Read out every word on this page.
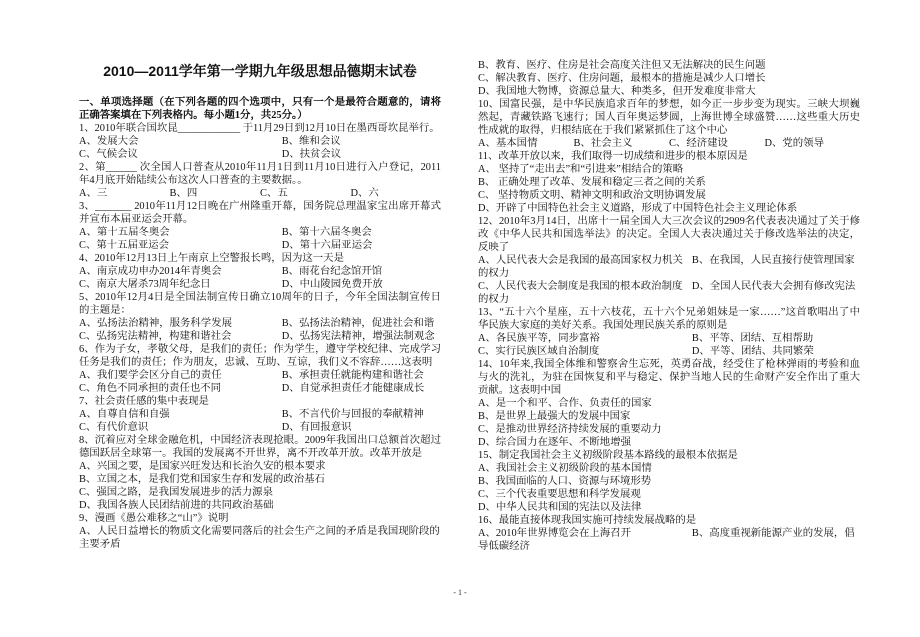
2010—2011学年第一学期九年级思想品德期末试卷

一、单项选择题（在下列各题的四个选项中，只有一个是最符合题意的，请将正确答案填在下列表格内。每小题1分，共25分。）

1、2010年联合国坎昆____________ 于11月29日到12月10日在墨西哥坎昆举行。

A、发展大会	B、维和会议
C、气候会议	D、扶贫会议

2、第______ 次全国人口普查从2010年11月1日到11月10日进行入户登记，2011年4月底开始陆续公布这次人口普查的主要数据。。

A、三	B、四	C、五	D、六

3、_______ 2010年11月12日晚在广州隆重开幕，国务院总理温家宝出席开幕式并宣布本届亚运会开幕。

A、第十五届冬奥会	B、第十六届冬奥会
C、第十五届亚运会	D、第十六届亚运会

4、2010年12月13日上午南京上空警报长鸣，因为这一天是

A、南京成功申办2014年青奥会	B、雨花台纪念馆开馆
C、南京大屠杀73周年纪念日	D、中山陵园免费开放

5、2010年12月4日是全国法制宣传日确立10周年的日子，今年全国法制宣传日的主题是：

A、弘扬法治精神，服务科学发展	B、弘扬法治精神，促进社会和谐
C、弘扬宪法精神，构建和谐社会	D、弘扬宪法精神，增强法制观念

6、作为子女，孝敬父母，是我们的责任；作为学生，遵守学校纪律、完成学习任务是我们的责任；作为朋友，忠诚、互助、互谅，我们义不容辞……这表明

A、我们要学会区分自己的责任	B、承担责任就能构建和谐社会
C、角色不同承担的责任也不同	D、自觉承担责任才能健康成长

7、社会责任感的集中表现是

A、自尊自信和自强	B、不言代价与回报的奉献精神
C、有代价意识	D、有回报意识

8、沉着应对全球金融危机，中国经济表现抢眼。2009年我国出口总额首次超过德国跃居全球第一。我国的发展离不开世界，离不开改革开放。改革开放是

A、兴国之要，是国家兴旺发达和长治久安的根本要求
B、立国之本，是我们党和国家生存和发展的政治基石
C、强国之路，是我国发展进步的活力源泉
D、我国各族人民团结前进的共同政治基础

9、漫画《愚公难移之“山”》说明

A、人民日益增长的物质文化需要同落后的社会生产之间的矛盾是我国现阶段的主要矛盾
B、教育、医疗、住房是社会高度关注但又无法解决的民生问题
C、解决教育、医疗、住房问题，最根本的措施是减少人口增长
D、我国地大物博，资源总量大、种类多，但开发难度非常大

10、国富民强，是中华民族追求百年的梦想，如今正一步步变为现实。三峡大坝巍然起，青藏铁路飞速行；国人百年奥运梦圆，上海世博全球盛赞……这些重大历史性成就的取得，归根结底在于我们紧紧抓住了这个中心

A、基本国情	B、社会主义	C、经济建设	D、党的领导

11、改革开放以来，我们取得一切成绩和进步的根本原因是

A、 坚持了“走出去”和“引进来”相结合的策略
B、 正确处理了改革、发展和稳定三者之间的关系
C、 坚持物质文明、精神文明和政治文明协调发展
D、开辟了中国特色社会主义道路，形成了中国特色社会主义理论体系

12、2010年3月14日，出席十一届全国人大三次会议的2909名代表表决通过了关于修改《中华人民共和国选举法》的决定。全国人大表决通过关于修改选举法的决定，反映了

A、人民代表大会是我国的最高国家权力机关 B、在我国，人民直接行使管理国家的权力
C、人民代表大会制度是我国的根本政治制度 D、全国人民代表大会拥有修改宪法的权力

13、“五十六个星座，五十六枝花，五十六个兄弟姐妹是一家……”这首歌唱出了中华民族大家庭的美好关系。我国处理民族关系的原则是

A、各民族平等，同步富裕	B、平等、团结、互相帮助
C、实行民族区域自治制度	D、平等、团结、共同繁荣

14、10年来,我国全体维和警察舍生忘死，英勇奋战，经受住了枪林弹雨的考验和血与火的洗礼，为驻在国恢复和平与稳定、保护当地人民的生命财产安全作出了重大贡献。这表明中国

A、是一个和平、合作、负责任的国家
B、是世界上最强大的发展中国家
C、是推动世界经济持续发展的重要动力
D、综合国力在逐年、不断地增强

15、制定我国社会主义初级阶段基本路线的最根本依据是

A、我国社会主义初级阶段的基本国情
B、我国面临的人口、资源与环境形势
C、三个代表重要思想和科学发展观
D、中华人民共和国的宪法以及法律

16、最能直接体现我国实施可持续发展战略的是

A、2010年世界博览会在上海召开	B、高度重视新能源产业的发展，倡导低碳经济
- 1 -
